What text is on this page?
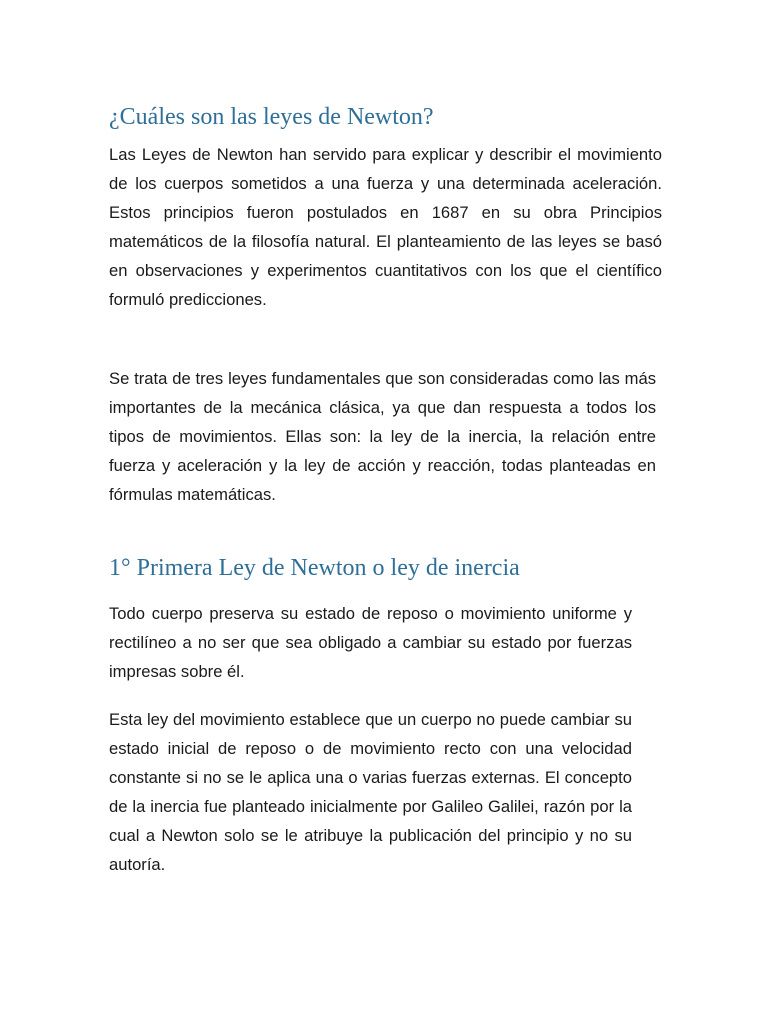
¿Cuáles son las leyes de Newton?

Las Leyes de Newton han servido para explicar y describir el movimiento de los cuerpos sometidos a una fuerza y una determinada aceleración. Estos principios fueron postulados en 1687 en su obra Principios matemáticos de la filosofía natural. El planteamiento de las leyes se basó en observaciones y experimentos cuantitativos con los que el científico formuló predicciones.

Se trata de tres leyes fundamentales que son consideradas como las más importantes de la mecánica clásica, ya que dan respuesta a todos los tipos de movimientos. Ellas son: la ley de la inercia, la relación entre fuerza y aceleración y la ley de acción y reacción, todas planteadas en fórmulas matemáticas.

1° Primera Ley de Newton o ley de inercia

Todo cuerpo preserva su estado de reposo o movimiento uniforme y rectilíneo a no ser que sea obligado a cambiar su estado por fuerzas impresas sobre él.

Esta ley del movimiento establece que un cuerpo no puede cambiar su estado inicial de reposo o de movimiento recto con una velocidad constante si no se le aplica una o varias fuerzas externas. El concepto de la inercia fue planteado inicialmente por Galileo Galilei, razón por la cual a Newton solo se le atribuye la publicación del principio y no su autoría.
